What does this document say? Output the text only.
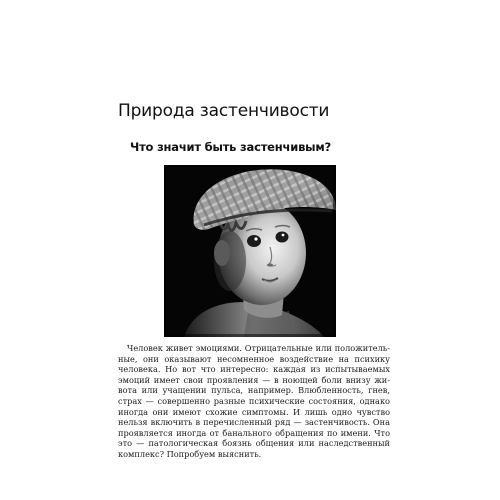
Природа застенчивости
Что значит быть застенчивым?
Человек живет эмоциями. Отрицательные или положитель-
ные, они оказывают несомненное воздействие на психику
человека. Но вот что интересно: каждая из испытываемых
эмоций имеет свои проявления — в ноющей боли внизу жи-
вота или учащении пульса, например. Влюбленность, гнев,
страх — совершенно разные психические состояния, однако
иногда они имеют схожие симптомы. И лишь одно чувство
нельзя включить в перечисленный ряд — застенчивость. Она
проявляется иногда от банального обращения по имени. Что
это — патологическая боязнь общения или наследственный
комплекс? Попробуем выяснить.
